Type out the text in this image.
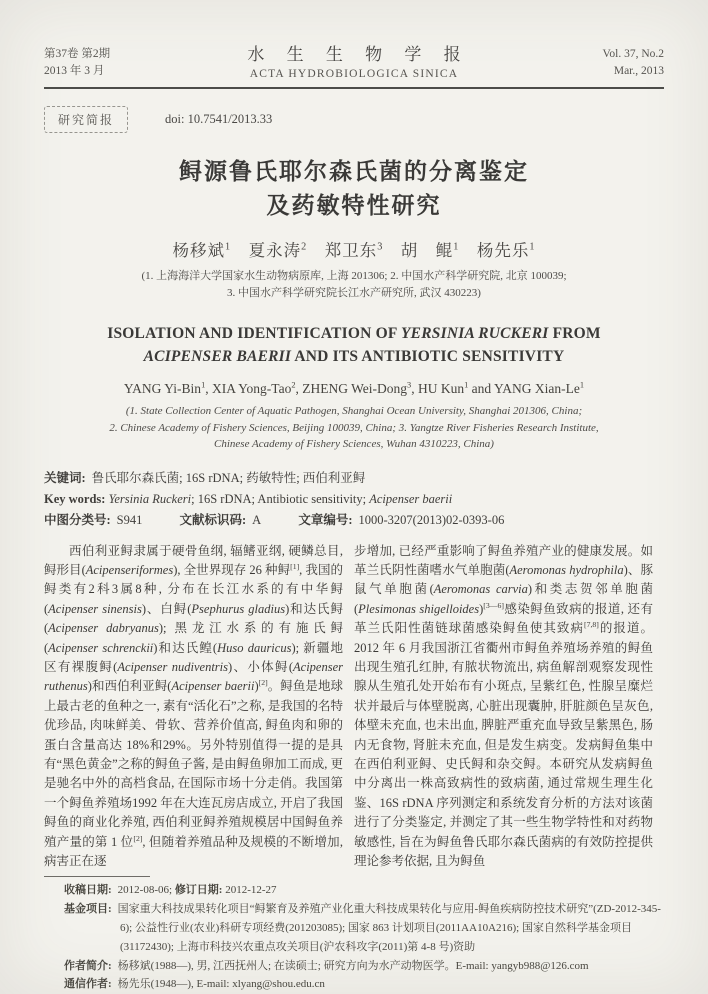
第37卷 第2期
2013 年 3 月
水 生 生 物 学 报
ACTA HYDROBIOLOGICA SINICA
Vol. 37, No.2
Mar., 2013
研究简报	doi: 10.7541/2013.33
鲟源鲁氏耶尔森氏菌的分离鉴定
及药敏特性研究
杨移斌$^1$　 夏永涛$^2$　 郑卫东$^3$　 胡　鲲$^1$　 杨先乐$^1$
(1. 上海海洋大学国家水生动物病原库, 上海 201306; 2. 中国水产科学研究院, 北京 100039;
3. 中国水产科学研究院长江水产研究所, 武汉 430223)
ISOLATION AND IDENTIFICATION OF YERSINIA RUCKERI FROM
ACIPENSER BAERII AND ITS ANTIBIOTIC SENSITIVITY
YANG Yi-Bin$^1$, XIA Yong-Tao$^2$, ZHENG Wei-Dong$^3$, HU Kun$^1$ and YANG Xian-Le$^1$
(1. State Collection Center of Aquatic Pathogen, Shanghai Ocean University, Shanghai 201306, China;
2. Chinese Academy of Fishery Sciences, Beijing 100039, China; 3. Yangtze River Fisheries Research Institute,
Chinese Academy of Fishery Sciences, Wuhan 4310223, China)
关键词: 鲁氏耶尔森氏菌; 16S rDNA; 药敏特性; 西伯利亚鲟
Key words: Yersinia Ruckeri; 16S rDNA; Antibiotic sensitivity; Acipenser baerii
中图分类号: S941	文献标识码: A	文章编号: 1000-3207(2013)02-0393-06

西伯利亚鲟隶属于硬骨鱼纲, 辐鳍亚纲, 硬鳞总目, 鲟形目(Acipenseriformes), 全世界现存 26 种鲟[1], 我国的鲟类有2科3属8种, 分布在长江水系的有中华鲟(Acipenser sinensis)、白鲟(Psephurus gladius)和达氏鲟(Acipenser dabryanus); 黑龙江水系的有施氏鲟(Acipenser schrenckii)和达氏鳇(Huso dauricus); 新疆地区有裸腹鲟(Acipenser nudiventris)、小体鲟(Acipenser ruthenus)和西伯利亚鲟(Acipenser baerii)[2]。鲟鱼是地球上最古老的鱼种之一, 素有“活化石”之称, 是我国的名特优珍品, 肉味鲜美、骨软、营养价值高, 鲟鱼肉和卵的蛋白含量高达 18%和29%。另外特别值得一提的是具有“黑色黄金”之称的鲟鱼子酱, 是由鲟鱼卵加工而成, 更是驰名中外的高档食品, 在国际市场十分走俏。我国第一个鲟鱼养殖场1992 年在大连瓦房店成立, 开启了我国鲟鱼的商业化养殖, 西伯利亚鲟养殖规模居中国鲟鱼养殖产量的第 1 位[2], 但随着养殖品种及规模的不断增加, 病害正在逐

步增加, 已经严重影响了鲟鱼养殖产业的健康发展。如革兰氏阴性菌嗜水气单胞菌(Aeromonas hydrophila)、豚鼠气单胞菌(Aeromonas carvia)和类志贺邻单胞菌(Plesimonas shigelloides)[3—6]感染鲟鱼致病的报道, 还有革兰氏阳性菌链球菌感染鲟鱼使其致病[7,8]的报道。2012 年 6 月我国浙江省衢州市鲟鱼养殖场养殖的鲟鱼出现生殖孔红肿, 有脓状物流出, 病鱼解剖观察发现性腺从生殖孔处开始布有小斑点, 呈紫红色, 性腺呈糜烂状并最后与体壁脱离, 心脏出现囊肿, 肝脏颜色呈灰色, 体壁未充血, 也未出血, 脾脏严重充血导致呈紫黑色, 肠内无食物, 肾脏未充血, 但是发生病变。发病鲟鱼集中在西伯利亚鲟、史氏鲟和杂交鲟。本研究从发病鲟鱼中分离出一株高致病性的致病菌, 通过常规生理生化鉴、16S rDNA 序列测定和系统发育分析的方法对该菌进行了分类鉴定, 并测定了其一些生物学特性和对药物敏感性, 旨在为鲟鱼鲁氏耶尔森氏菌病的有效防控提供理论参考依据, 且为鲟鱼

收稿日期: 2012-08-06; 修订日期: 2012-12-27
基金项目: 国家重大科技成果转化项目“鲟繁育及养殖产业化重大科技成果转化与应用-鲟鱼疾病防控技术研究”(ZD-2012-345-6); 公益性行业(农业)科研专项经费(201203085); 国家 863 计划项目(2011AA10A216); 国家自然科学基金项目(31172430); 上海市科技兴农重点攻关项目(沪农科攻字(2011)第 4-8 号)资助
作者简介: 杨移斌(1988—), 男, 江西抚州人; 在读硕士; 研究方向为水产动物医学。E-mail: yangyb988@126.com
通信作者: 杨先乐(1948—), E-mail: xlyang@shou.edu.cn
